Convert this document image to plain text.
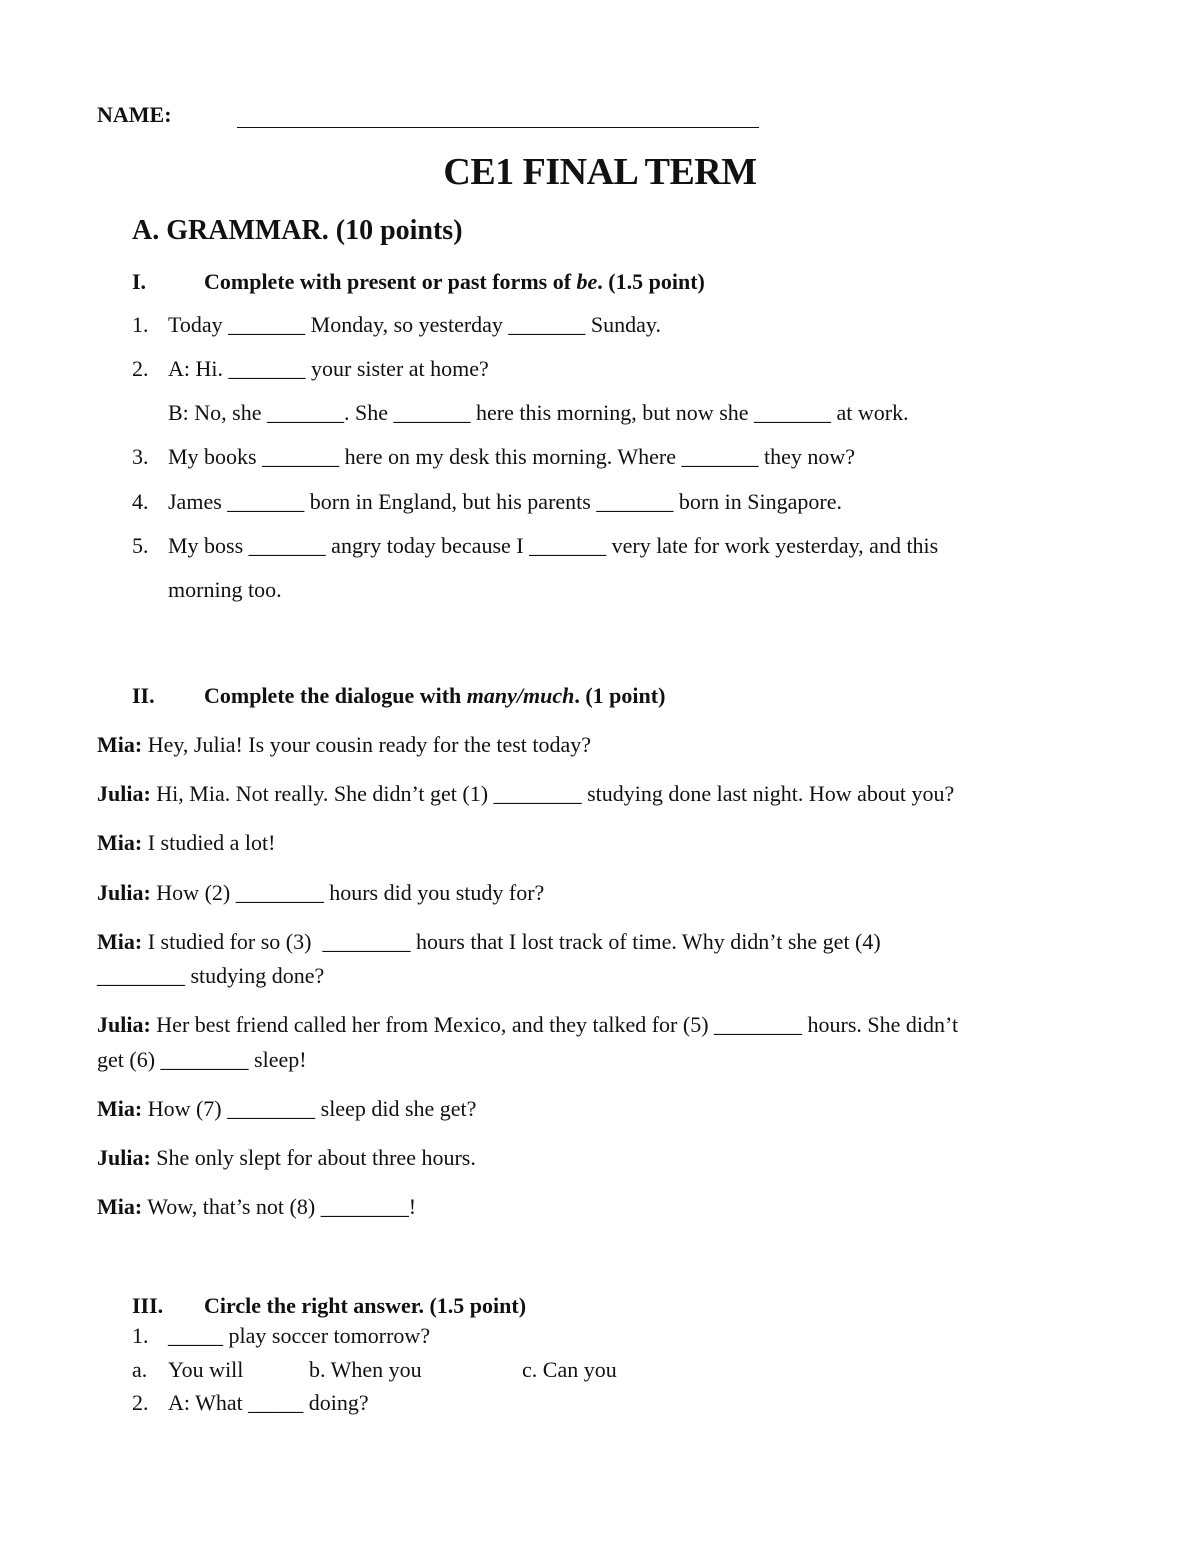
NAME:
CE1 FINAL TERM
A. GRAMMAR. (10 points)
I.	Complete with present or past forms of be. (1.5 point)
1. Today _______ Monday, so yesterday _______ Sunday.
2. A: Hi. _______ your sister at home?
B: No, she _______. She _______ here this morning, but now she _______ at work.
3. My books _______ here on my desk this morning. Where _______ they now?
4. James _______ born in England, but his parents _______ born in Singapore.
5. My boss _______ angry today because I _______ very late for work yesterday, and this
morning too.
II. Complete the dialogue with many/much. (1 point)
Mia: Hey, Julia! Is your cousin ready for the test today?
Julia: Hi, Mia. Not really. She didn’t get (1) ________ studying done last night. How about you?
Mia: I studied a lot!
Julia: How (2) ________ hours did you study for?
Mia: I studied for so (3)  ________ hours that I lost track of time. Why didn’t she get (4)
________ studying done?
Julia: Her best friend called her from Mexico, and they talked for (5) ________ hours. She didn’t
get (6) ________ sleep!
Mia: How (7) ________ sleep did she get?
Julia: She only slept for about three hours.
Mia: Wow, that’s not (8) ________!
III. Circle the right answer. (1.5 point)
1. _____ play soccer tomorrow?
a. You will	b. When you	c. Can you
2. A: What _____ doing?
